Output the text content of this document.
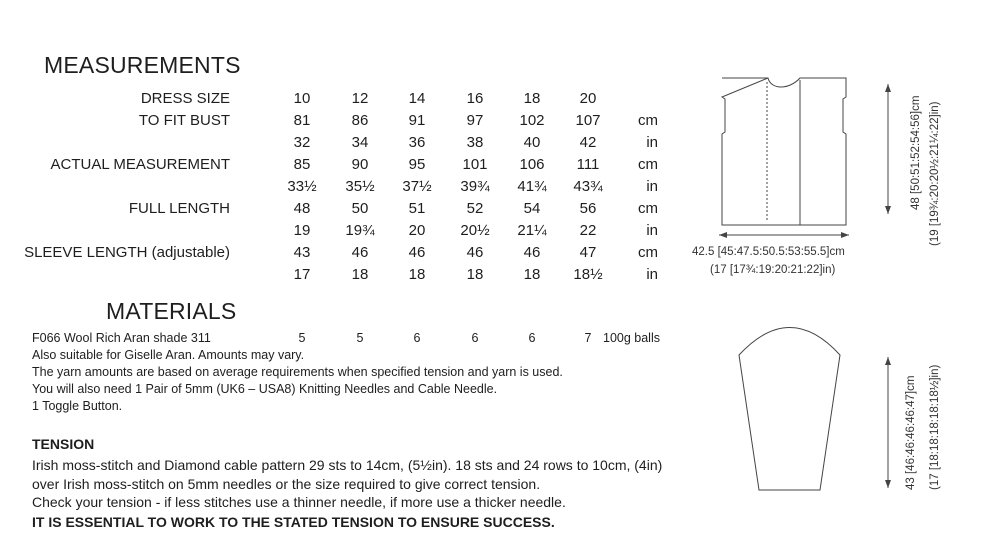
MEASUREMENTS
DRESS SIZE	10	12	14	16	18	20
TO FIT BUST	81	86	91	97	102	107	cm
32	34	36	38	40	42	in
ACTUAL MEASUREMENT	85	90	95	101	106	111	cm
33½	35½	37½	39¾	41¾	43¾	in
FULL LENGTH	48	50	51	52	54	56	cm
19	19¾	20	20½	21¼	22	in
SLEEVE LENGTH (adjustable)	43	46	46	46	46	47	cm
17	18	18	18	18	18½	in
MATERIALS
F066 Wool Rich Aran shade 311	5	5	6	6	6	7 100g balls
Also suitable for Giselle Aran. Amounts may vary.
The yarn amounts are based on average requirements when specified tension and yarn is used.
You will also need 1 Pair of 5mm (UK6 – USA8) Knitting Needles and Cable Needle.
1 Toggle Button.
TENSION
Irish moss-stitch and Diamond cable pattern 29 sts to 14cm, (5½in). 18 sts and 24 rows to 10cm, (4in)
over Irish moss-stitch on 5mm needles or the size required to give correct tension.
Check your tension - if less stitches use a thinner needle, if more use a thicker needle.
IT IS ESSENTIAL TO WORK TO THE STATED TENSION TO ENSURE SUCCESS.
42.5 [45:47.5:50.5:53:55.5]cm
(17 [17¾:19:20:21:22]in)
48 [50:51:52:54:56]cm (19 [19¾:20:20½:21¼:22]in)
43 [46:46:46:46:47]cm (17 [18:18:18:18:18½]in)
